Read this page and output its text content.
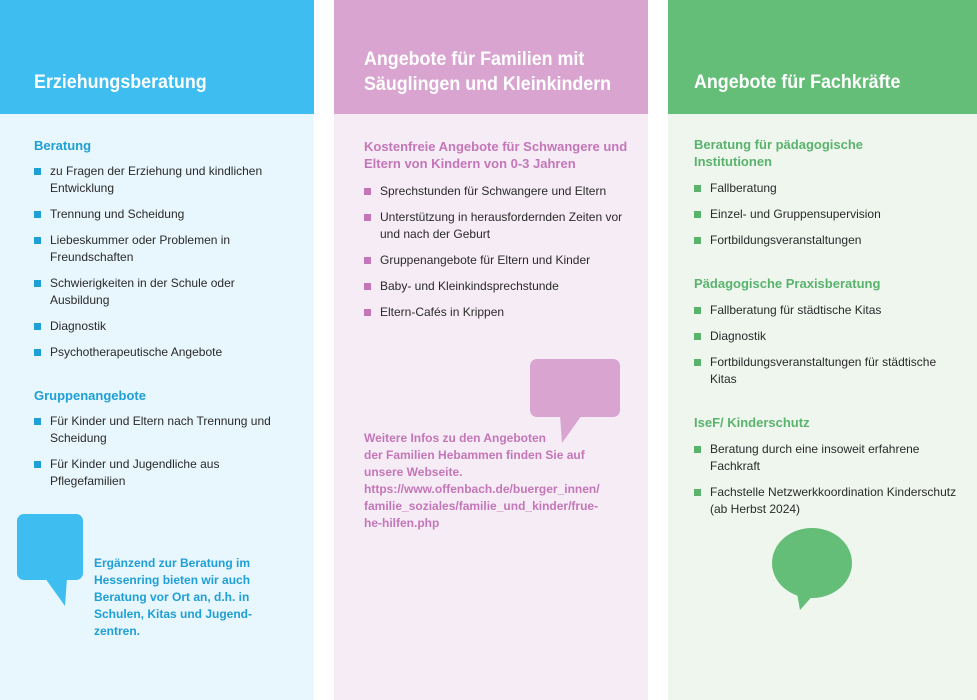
Erziehungsberatung
Beratung
zu Fragen der Erziehung und kindlichen Entwicklung
Trennung und Scheidung
Liebeskummer oder Problemen in Freundschaften
Schwierigkeiten in der Schule oder Ausbildung
Diagnostik
Psychotherapeutische Angebote
Gruppenangebote
Für Kinder und Eltern nach Trennung und Scheidung
Für Kinder und Jugendliche aus Pflegefamilien
Ergänzend zur Beratung im Hessenring bieten wir auch Beratung vor Ort an, d.h. in Schulen, Kitas und Jugend-zentren.
Angebote für Familien mit Säuglingen und Kleinkindern
Kostenfreie Angebote für Schwangere und Eltern von Kindern von 0-3 Jahren
Sprechstunden für Schwangere und Eltern
Unterstützung in herausfordernden Zeiten vor und nach der Geburt
Gruppenangebote für Eltern und Kinder
Baby- und Kleinkindsprechstunde
Eltern-Cafés in Krippen
Weitere Infos zu den Angeboten
der Familien Hebammen finden Sie auf
unsere Webseite.
https://www.offenbach.de/buerger_innen/
familie_soziales/familie_und_kinder/frue-
he-hilfen.php
Angebote für Fachkräfte
Beratung für pädagogische Institutionen
Fallberatung
Einzel- und Gruppensupervision
Fortbildungsveranstaltungen
Pädagogische Praxisberatung
Fallberatung für städtische Kitas
Diagnostik
Fortbildungsveranstaltungen für städtische Kitas
IseF/ Kinderschutz
Beratung durch eine insoweit erfahrene Fachkraft
Fachstelle Netzwerkkoordination Kinderschutz (ab Herbst 2024)
